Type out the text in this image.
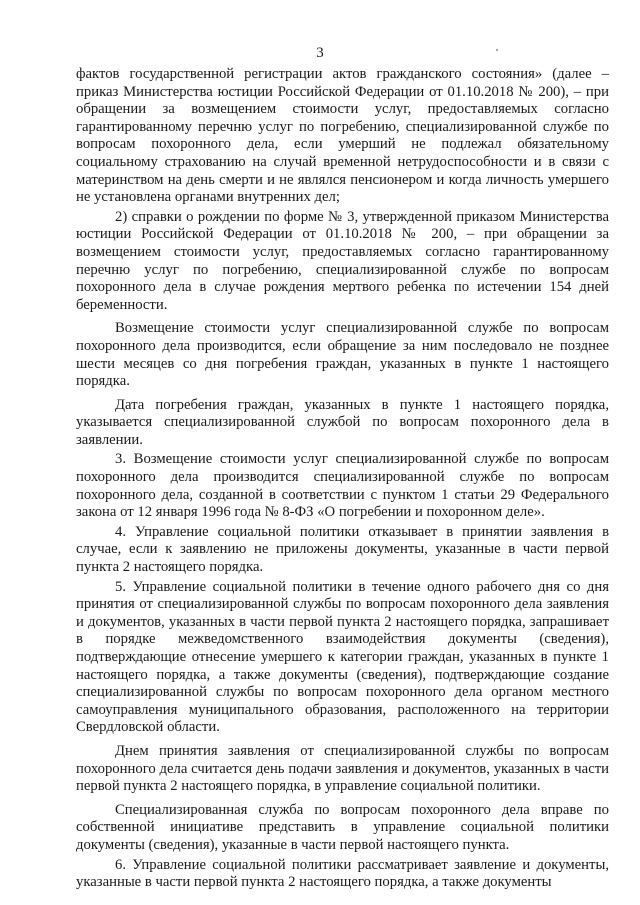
3

фактов государственной регистрации актов гражданского состояния» (далее – приказ Министерства юстиции Российской Федерации от 01.10.2018 № 200), – при обращении за возмещением стоимости услуг, предоставляемых согласно гарантированному перечню услуг по погребению, специализированной службе по вопросам похоронного дела, если умерший не подлежал обязательному социальному страхованию на случай временной нетрудоспособности и в связи с материнством на день смерти и не являлся пенсионером и когда личность умершего не установлена органами внутренних дел;

2) справки о рождении по форме № 3, утвержденной приказом Министерства юстиции Российской Федерации от 01.10.2018 № 200, – при обращении за возмещением стоимости услуг, предоставляемых согласно гарантированному перечню услуг по погребению, специализированной службе по вопросам похоронного дела в случае рождения мертвого ребенка по истечении 154 дней беременности.

Возмещение стоимости услуг специализированной службе по вопросам похоронного дела производится, если обращение за ним последовало не позднее шести месяцев со дня погребения граждан, указанных в пункте 1 настоящего порядка.

Дата погребения граждан, указанных в пункте 1 настоящего порядка, указывается специализированной службой по вопросам похоронного дела в заявлении.

3. Возмещение стоимости услуг специализированной службе по вопросам похоронного дела производится специализированной службе по вопросам похоронного дела, созданной в соответствии с пунктом 1 статьи 29 Федерального закона от 12 января 1996 года № 8-ФЗ «О погребении и похоронном деле».

4. Управление социальной политики отказывает в принятии заявления в случае, если к заявлению не приложены документы, указанные в части первой пункта 2 настоящего порядка.

5. Управление социальной политики в течение одного рабочего дня со дня принятия от специализированной службы по вопросам похоронного дела заявления и документов, указанных в части первой пункта 2 настоящего порядка, запрашивает в порядке межведомственного взаимодействия документы (сведения), подтверждающие отнесение умершего к категории граждан, указанных в пункте 1 настоящего порядка, а также документы (сведения), подтверждающие создание специализированной службы по вопросам похоронного дела органом местного самоуправления муниципального образования, расположенного на территории Свердловской области.

Днем принятия заявления от специализированной службы по вопросам похоронного дела считается день подачи заявления и документов, указанных в части первой пункта 2 настоящего порядка, в управление социальной политики.

Специализированная служба по вопросам похоронного дела вправе по собственной инициативе представить в управление социальной политики документы (сведения), указанные в части первой настоящего пункта.

6. Управление социальной политики рассматривает заявление и документы, указанные в части первой пункта 2 настоящего порядка, а также документы
